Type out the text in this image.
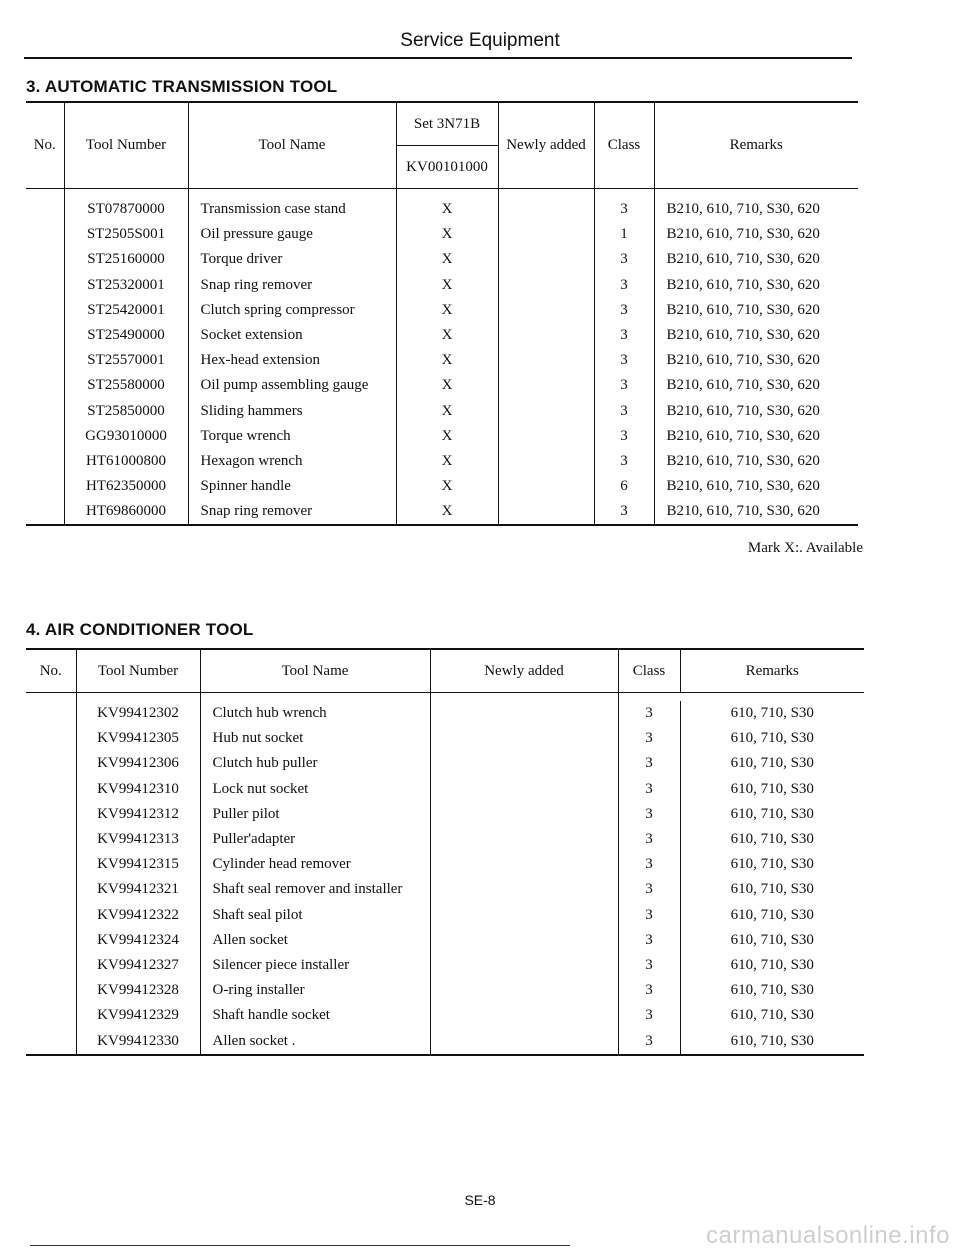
Service Equipment
3. AUTOMATIC TRANSMISSION TOOL
No.	Tool Number	Tool Name	Set 3N71B	Newly added	Class	Remarks
			KV00101000			

	ST07870000	Transmission case stand	X		3	B210, 610, 710, S30, 620
	ST2505S001	Oil pressure gauge	X		1	B210, 610, 710, S30, 620
	ST25160000	Torque driver	X		3	B210, 610, 710, S30, 620
	ST25320001	Snap ring remover	X		3	B210, 610, 710, S30, 620
	ST25420001	Clutch spring compressor	X		3	B210, 610, 710, S30, 620
	ST25490000	Socket extension	X		3	B210, 610, 710, S30, 620
	ST25570001	Hex-head extension	X		3	B210, 610, 710, S30, 620
	ST25580000	Oil pump assembling gauge	X		3	B210, 610, 710, S30, 620
	ST25850000	Sliding hammers	X		3	B210, 610, 710, S30, 620
	GG93010000	Torque wrench	X		3	B210, 610, 710, S30, 620
	HT61000800	Hexagon wrench	X		3	B210, 610, 710, S30, 620
	HT62350000	Spinner handle	X		6	B210, 610, 710, S30, 620
	HT69860000	Snap ring remover	X		3	B210, 610, 710, S30, 620
Mark X:. Available
4. AIR CONDITIONER TOOL
No.	Tool Number	Tool Name	Newly added	Class	Remarks

	KV99412302	Clutch hub wrench		3	610, 710, S30
	KV99412305	Hub nut socket		3	610, 710, S30
	KV99412306	Clutch hub puller		3	610, 710, S30
	KV99412310	Lock nut socket		3	610, 710, S30
	KV99412312	Puller pilot		3	610, 710, S30
	KV99412313	Puller'adapter		3	610, 710, S30
	KV99412315	Cylinder head remover		3	610, 710, S30
	KV99412321	Shaft seal remover and installer		3	610, 710, S30
	KV99412322	Shaft seal pilot		3	610, 710, S30
	KV99412324	Allen socket		3	610, 710, S30
	KV99412327	Silencer piece installer		3	610, 710, S30
	KV99412328	O-ring installer		3	610, 710, S30
	KV99412329	Shaft handle socket		3	610, 710, S30
	KV99412330	Allen socket .		3	610, 710, S30
SE-8
carmanualsonline.info
